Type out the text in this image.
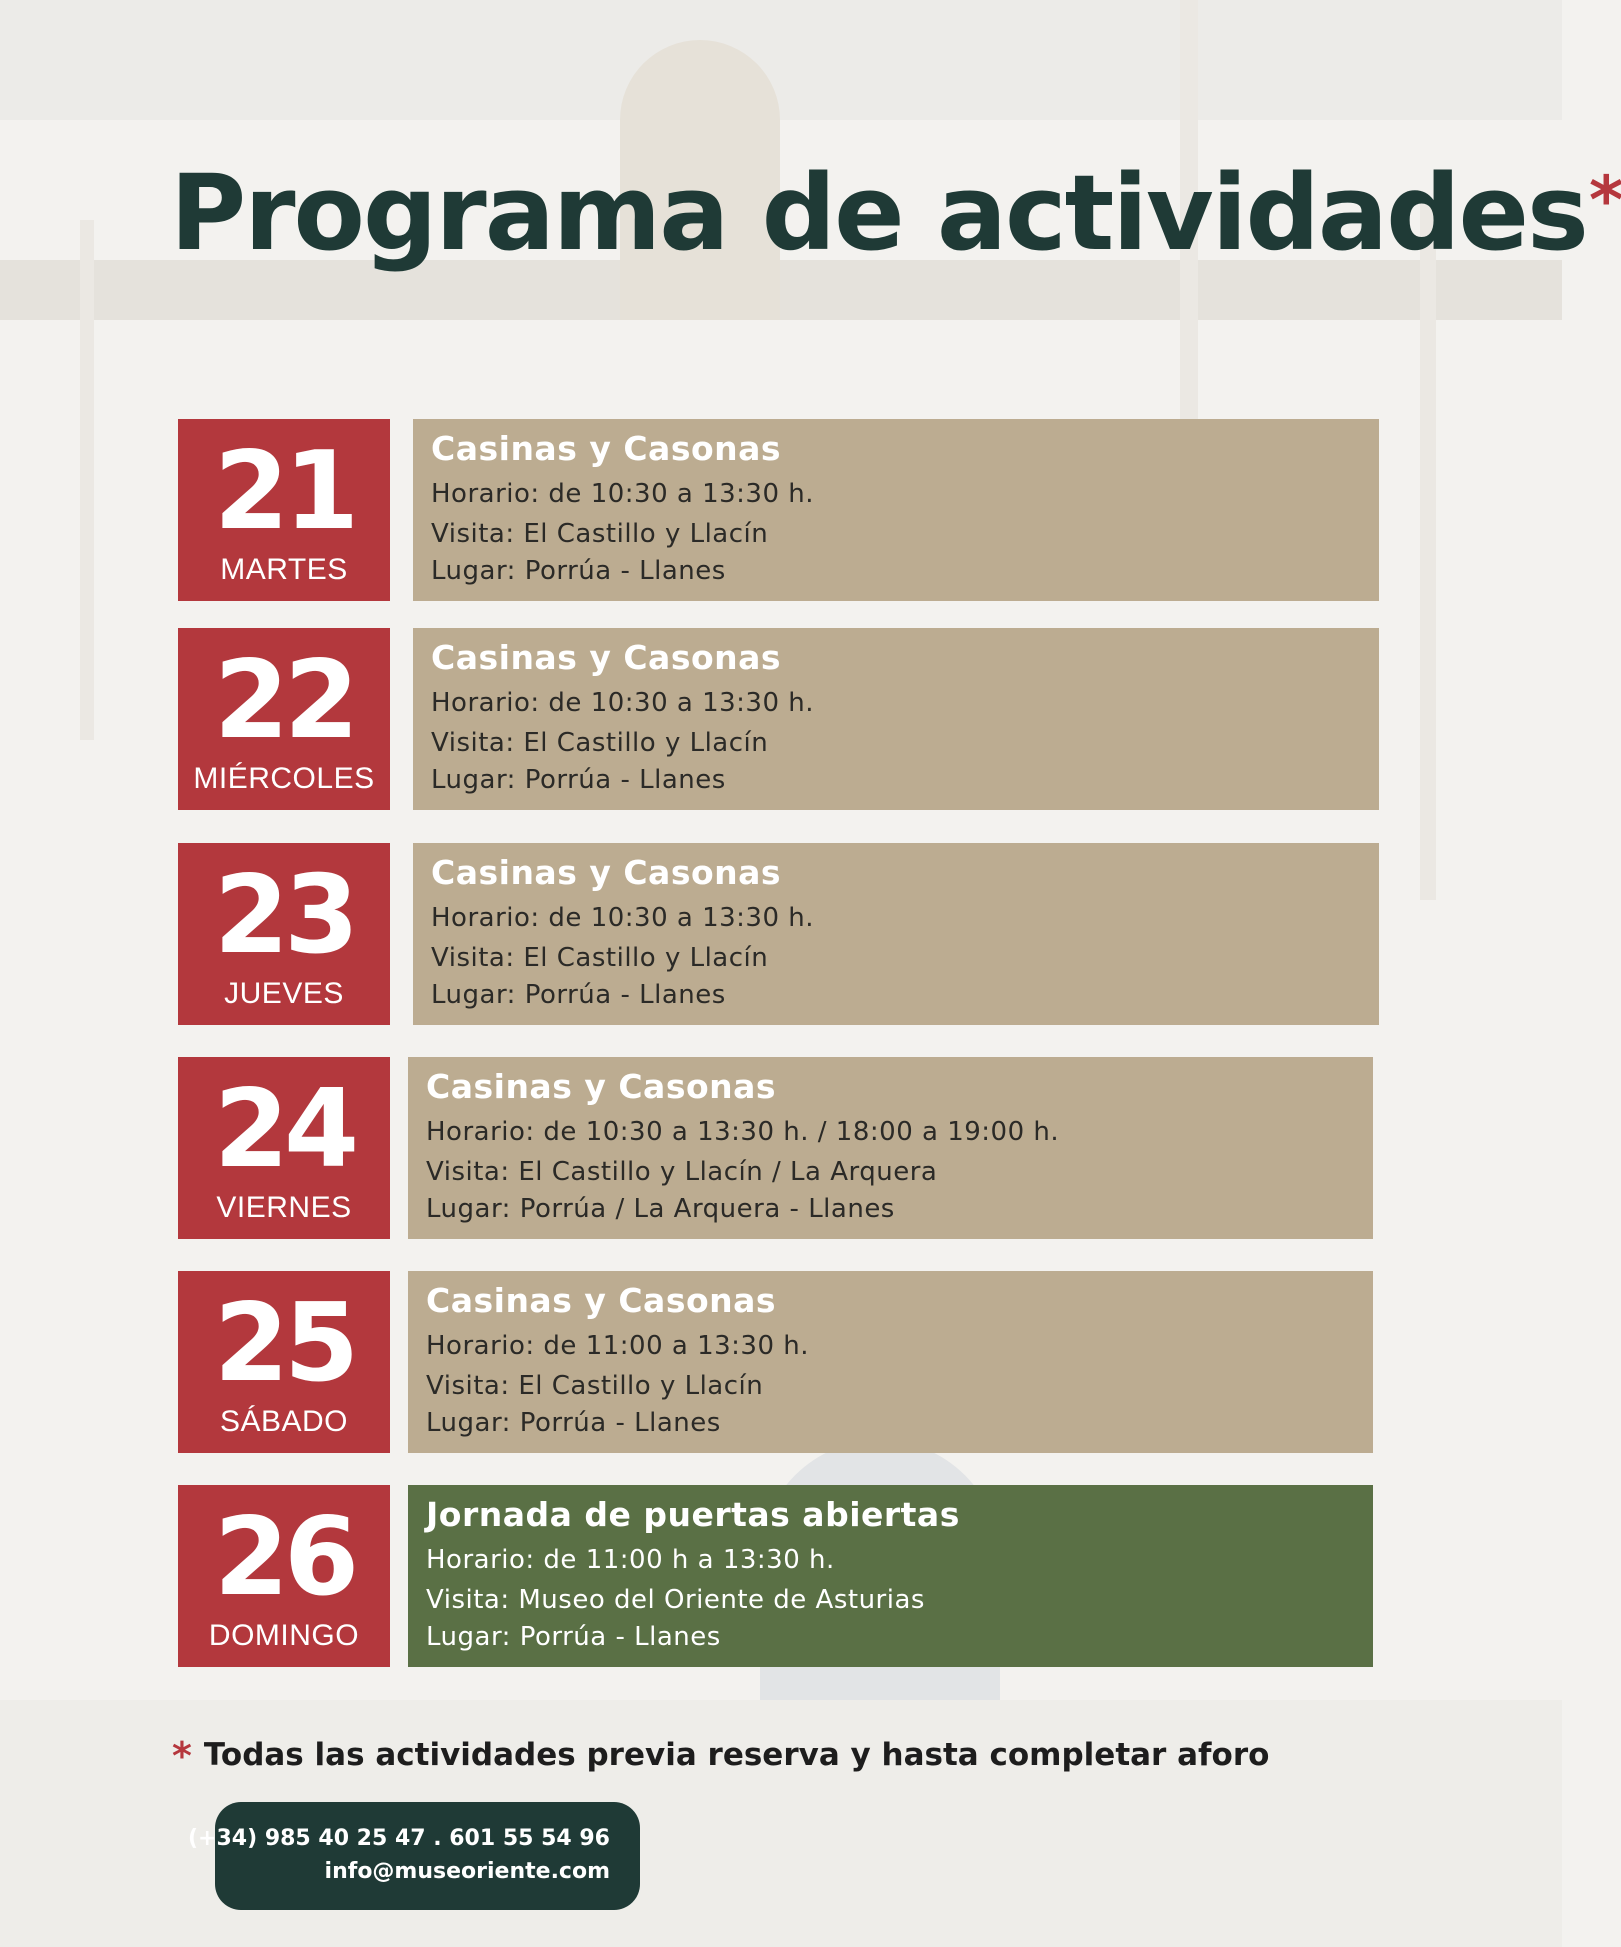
Programa de actividades*
21
MARTES
Casinas y Casonas
Horario: de 10:30 a 13:30 h.
Visita: El Castillo y Llacín
Lugar: Porrúa - Llanes
22
MIÉRCOLES
Casinas y Casonas
Horario: de 10:30 a 13:30 h.
Visita: El Castillo y Llacín
Lugar: Porrúa - Llanes
23
JUEVES
Casinas y Casonas
Horario: de 10:30 a 13:30 h.
Visita: El Castillo y Llacín
Lugar: Porrúa - Llanes
24
VIERNES
Casinas y Casonas
Horario: de 10:30 a 13:30 h. / 18:00 a 19:00 h.
Visita: El Castillo y Llacín / La Arquera
Lugar: Porrúa / La Arquera - Llanes
25
SÁBADO
Casinas y Casonas
Horario: de 11:00 a 13:30 h.
Visita: El Castillo y Llacín
Lugar: Porrúa - Llanes
26
DOMINGO
Jornada de puertas abiertas
Horario: de 11:00 h a 13:30 h.
Visita: Museo del Oriente de Asturias
Lugar: Porrúa - Llanes
* Todas las actividades previa reserva y hasta completar aforo
(+34) 985 40 25 47 . 601 55 54 96
info@museoriente.com
